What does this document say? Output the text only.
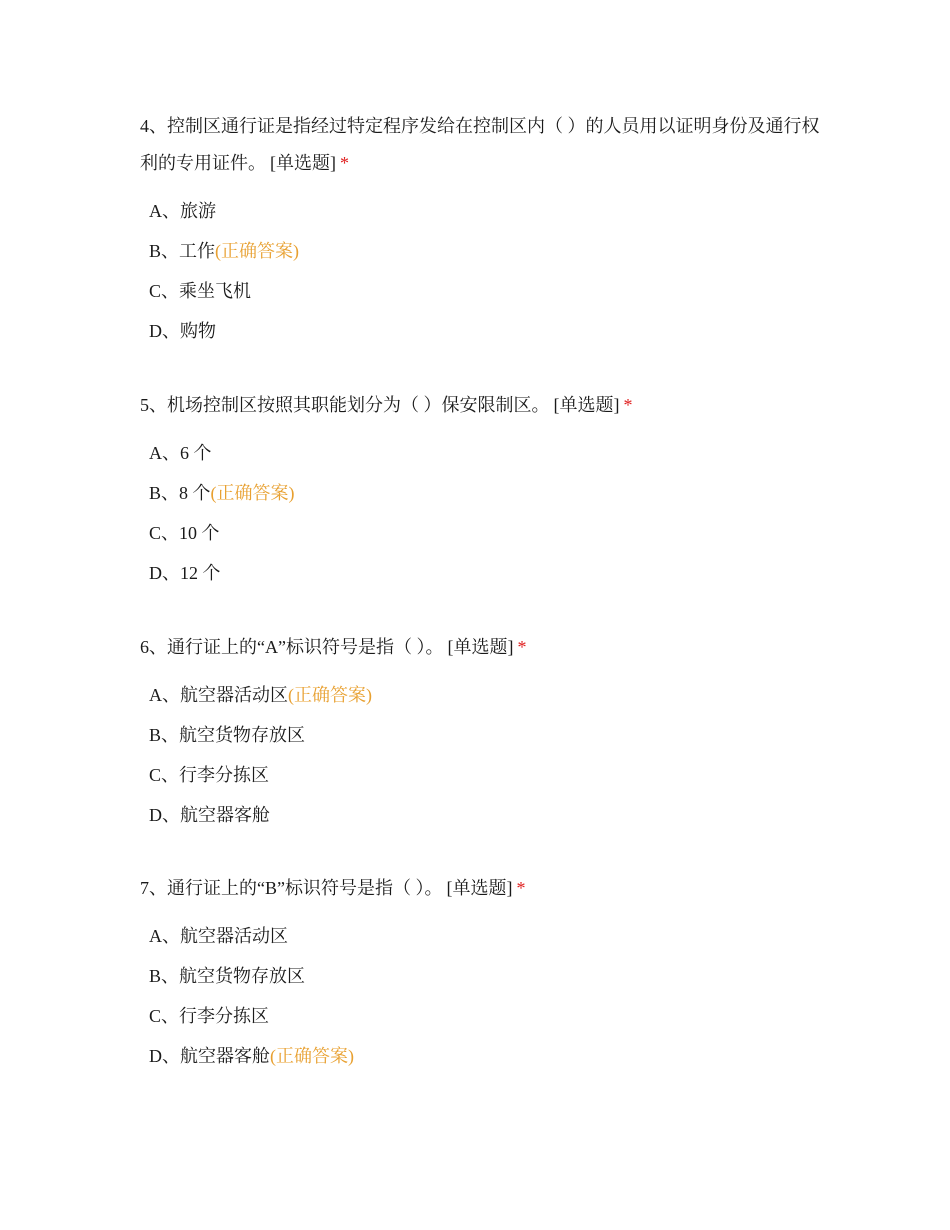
4、控制区通行证是指经过特定程序发给在控制区内（ ）的人员用以证明身份及通行权利的专用证件。 [单选题] *

A、旅游
B、工作(正确答案)
C、乘坐飞机
D、购物

5、机场控制区按照其职能划分为（ ）保安限制区。 [单选题] *

A、6 个
B、8 个(正确答案)
C、10 个
D、12 个

6、通行证上的“A”标识符号是指（ ）。 [单选题] *

A、航空器活动区(正确答案)
B、航空货物存放区
C、行李分拣区
D、航空器客舱

7、通行证上的“B”标识符号是指（ ）。 [单选题] *

A、航空器活动区
B、航空货物存放区
C、行李分拣区
D、航空器客舱(正确答案)
